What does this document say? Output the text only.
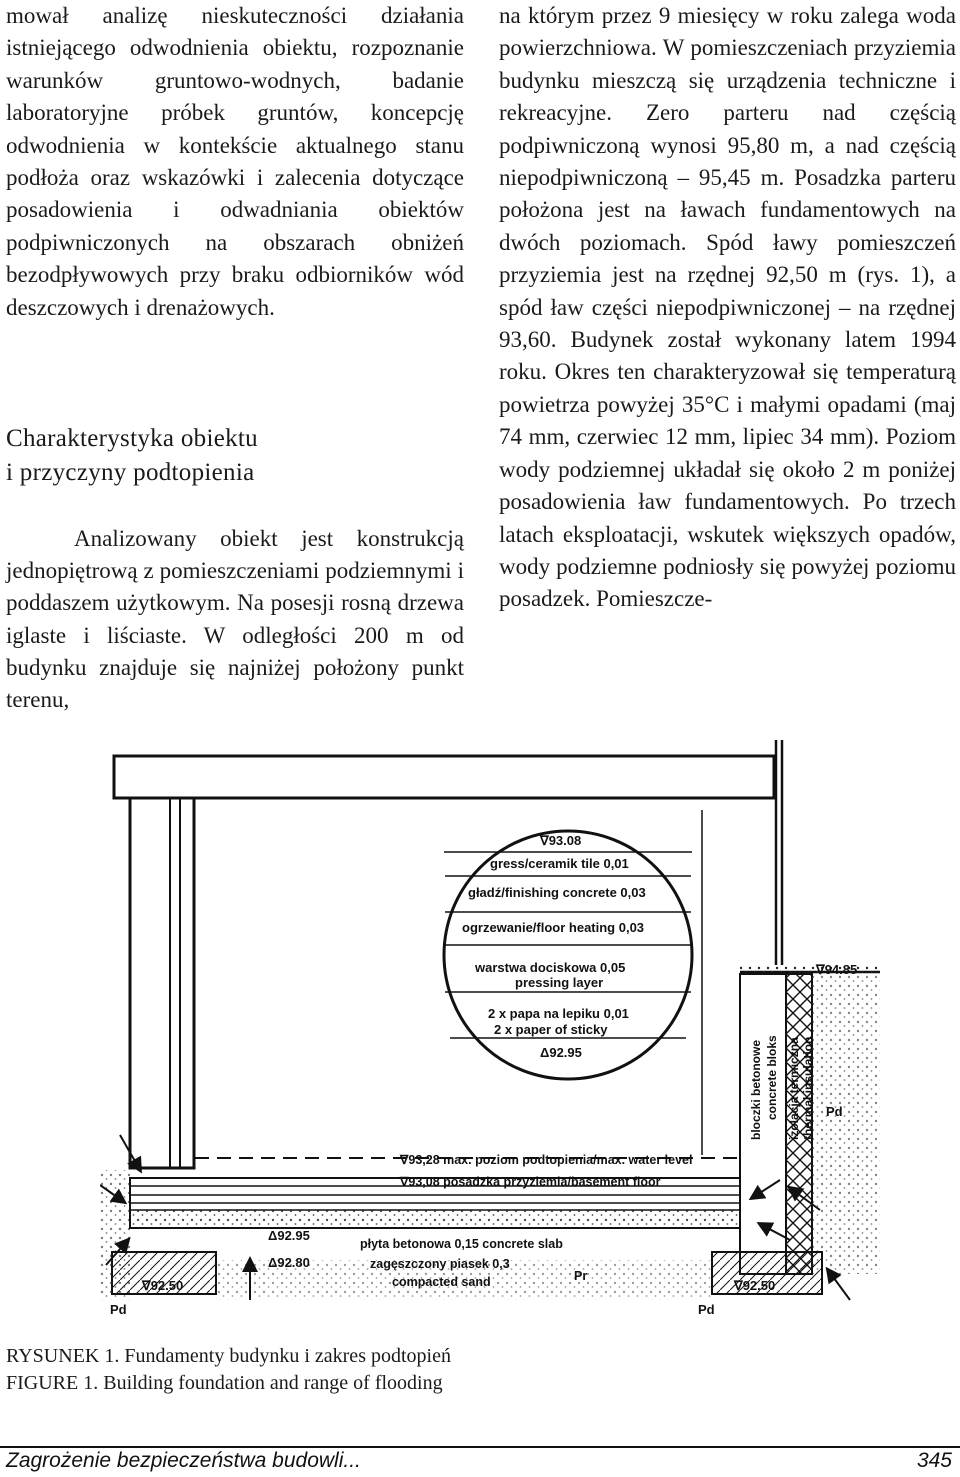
mował analizę nieskuteczności działania istniejącego odwodnienia obiektu, rozpoznanie warunków gruntowo-wodnych, badanie laboratoryjne próbek gruntów, koncepcję odwodnienia w kontekście aktualnego stanu podłoża oraz wskazówki i zalecenia dotyczące posadowienia i odwadniania obiektów podpiwniczonych na obszarach obniżeń bezodpływowych przy braku odbiorników wód deszczowych i drenażowych.

Charakterystyka obiektu
i przyczyny podtopienia

Analizowany obiekt jest konstrukcją jednopiętrową z pomieszczeniami podziemnymi i poddaszem użytkowym. Na posesji rosną drzewa iglaste i liściaste. W odległości 200 m od budynku znajduje się najniżej położony punkt terenu,

na którym przez 9 miesięcy w roku zalega woda powierzchniowa. W pomieszczeniach przyziemia budynku mieszczą się urządzenia techniczne i rekreacyjne. Zero parteru nad częścią podpiwniczoną wynosi 95,80 m, a nad częścią niepodpiwniczoną – 95,45 m. Posadzka parteru położona jest na ławach fundamentowych na dwóch poziomach. Spód ławy pomieszczeń przyziemia jest na rzędnej 92,50 m (rys. 1), a spód ław części niepodpiwniczonej – na rzędnej 93,60. Budynek został wykonany latem 1994 roku. Okres ten charakteryzował się temperaturą powietrza powyżej 35°C i małymi opadami (maj 74 mm, czerwiec 12 mm, lipiec 34 mm). Poziom wody podziemnej układał się około 2 m poniżej posadowienia ław fundamentowych. Po trzech latach eksploatacji, wskutek większych opadów, wody podziemne podniosły się powyżej poziomu posadzek. Pomieszcze-

∇93.08
gress/ceramik tile 0,01
gładź/finishing concrete 0,03
ogrzewanie/floor heating 0,03
warstwa dociskowa 0,05
pressing layer
2 x papa na lepiku 0,01
2 x paper of sticky
Δ92.95
∇94.85
∇93,28 max. poziom podtopienia/max. water level
∇93,08 posadzka przyziemia/basement floor
Δ92.95
płyta betonowa 0,15 concrete slab
Δ92.80	zagęszczony piasek 0,3
compacted sand
∇92.50	∇92.50
Pd	Pd
Pd
Pr
bloczki betonowe concrete bloks izolacja termiczna thermal insulation
RYSUNEK 1. Fundamenty budynku i zakres podtopień
FIGURE 1. Building foundation and range of flooding
Zagrożenie bezpieczeństwa budowli...	345
